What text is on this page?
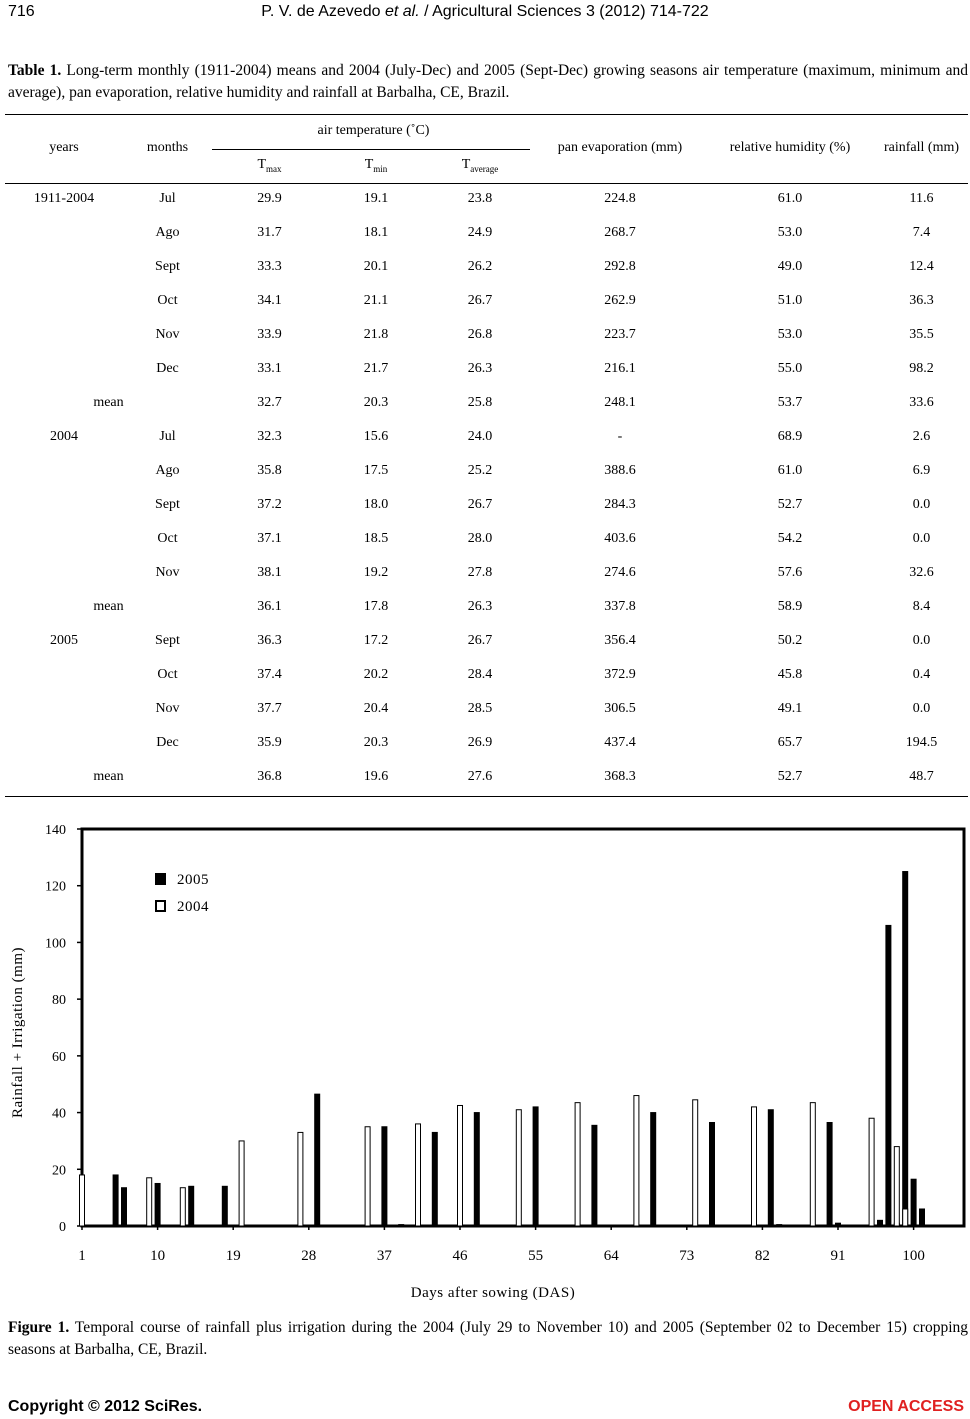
716	P. V. de Azevedo et al. / Agricultural Sciences 3 (2012) 714-722
Table 1. Long-term monthly (1911-2004) means and 2004 (July-Dec) and 2005 (Sept-Dec) growing seasons air temperature (maximum, minimum and average), pan evaporation, relative humidity and rainfall at Barbalha, CE, Brazil.
years	months	air temperature (˚C)			pan evaporation (mm)	relative humidity (%)	rainfall (mm)
		$T_{max}$	$T_{min}$	$T_{average}$
1911-2004	Jul	29.9	19.1	23.8	224.8	61.0	11.6
	Ago	31.7	18.1	24.9	268.7	53.0	7.4
	Sept	33.3	20.1	26.2	292.8	49.0	12.4
	Oct	34.1	21.1	26.7	262.9	51.0	36.3
	Nov	33.9	21.8	26.8	223.7	53.0	35.5
	Dec	33.1	21.7	26.3	216.1	55.0	98.2
mean		32.7	20.3	25.8	248.1	53.7	33.6
2004	Jul	32.3	15.6	24.0	-	68.9	2.6
	Ago	35.8	17.5	25.2	388.6	61.0	6.9
	Sept	37.2	18.0	26.7	284.3	52.7	0.0
	Oct	37.1	18.5	28.0	403.6	54.2	0.0
	Nov	38.1	19.2	27.8	274.6	57.6	32.6
mean		36.1	17.8	26.3	337.8	58.9	8.4
2005	Sept	36.3	17.2	26.7	356.4	50.2	0.0
	Oct	37.4	20.2	28.4	372.9	45.8	0.4
	Nov	37.7	20.4	28.5	306.5	49.1	0.0
	Dec	35.9	20.3	26.9	437.4	65.7	194.5
mean		36.8	19.6	27.6	368.3	52.7	48.7
0
20
40
60
80
100
120
140
1	10	19	28	37	46	55	64	73	82	91	100
Days after sowing (DAS)
Rainfall + Irrigation (mm)
2005
2004
Figure 1. Temporal course of rainfall plus irrigation during the 2004 (July 29 to November 10) and 2005 (September 02 to December 15) cropping seasons at Barbalha, CE, Brazil.
Copyright © 2012 SciRes.	OPEN ACCESS
